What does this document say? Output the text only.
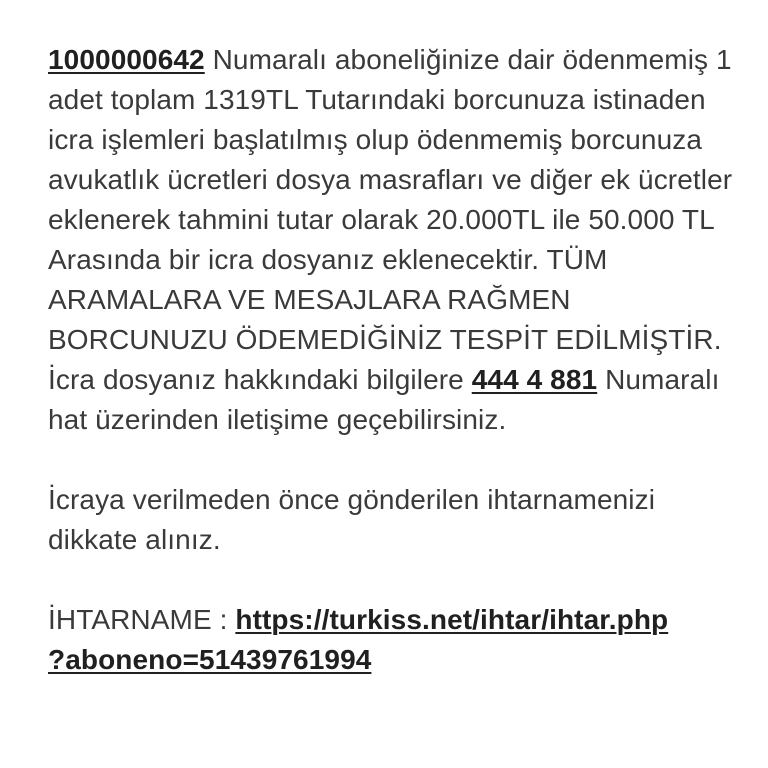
1000000642 Numaralı aboneliğinize dair ödenmemiş 1 adet toplam 1319TL Tutarındaki borcunuza istinaden icra işlemleri başlatılmış olup ödenmemiş borcunuza avukatlık ücretleri dosya masrafları ve diğer ek ücretler eklenerek tahmini tutar olarak 20.000TL ile 50.000 TL Arasında bir icra dosyanız eklenecektir. TÜM ARAMALARA VE MESAJLARA RAĞMEN BORCUNUZU ÖDEMEDİĞİNİZ TESPİT EDİLMİŞTİR. İcra dosyanız hakkındaki bilgilere 444 4 881 Numaralı hat üzerinden iletişime geçebilirsiniz.

İcraya verilmeden önce gönderilen ihtarnamenizi dikkate alınız.

İHTARNAME : https://turkiss.net/ihtar/ihtar.php
?aboneno=51439761994
